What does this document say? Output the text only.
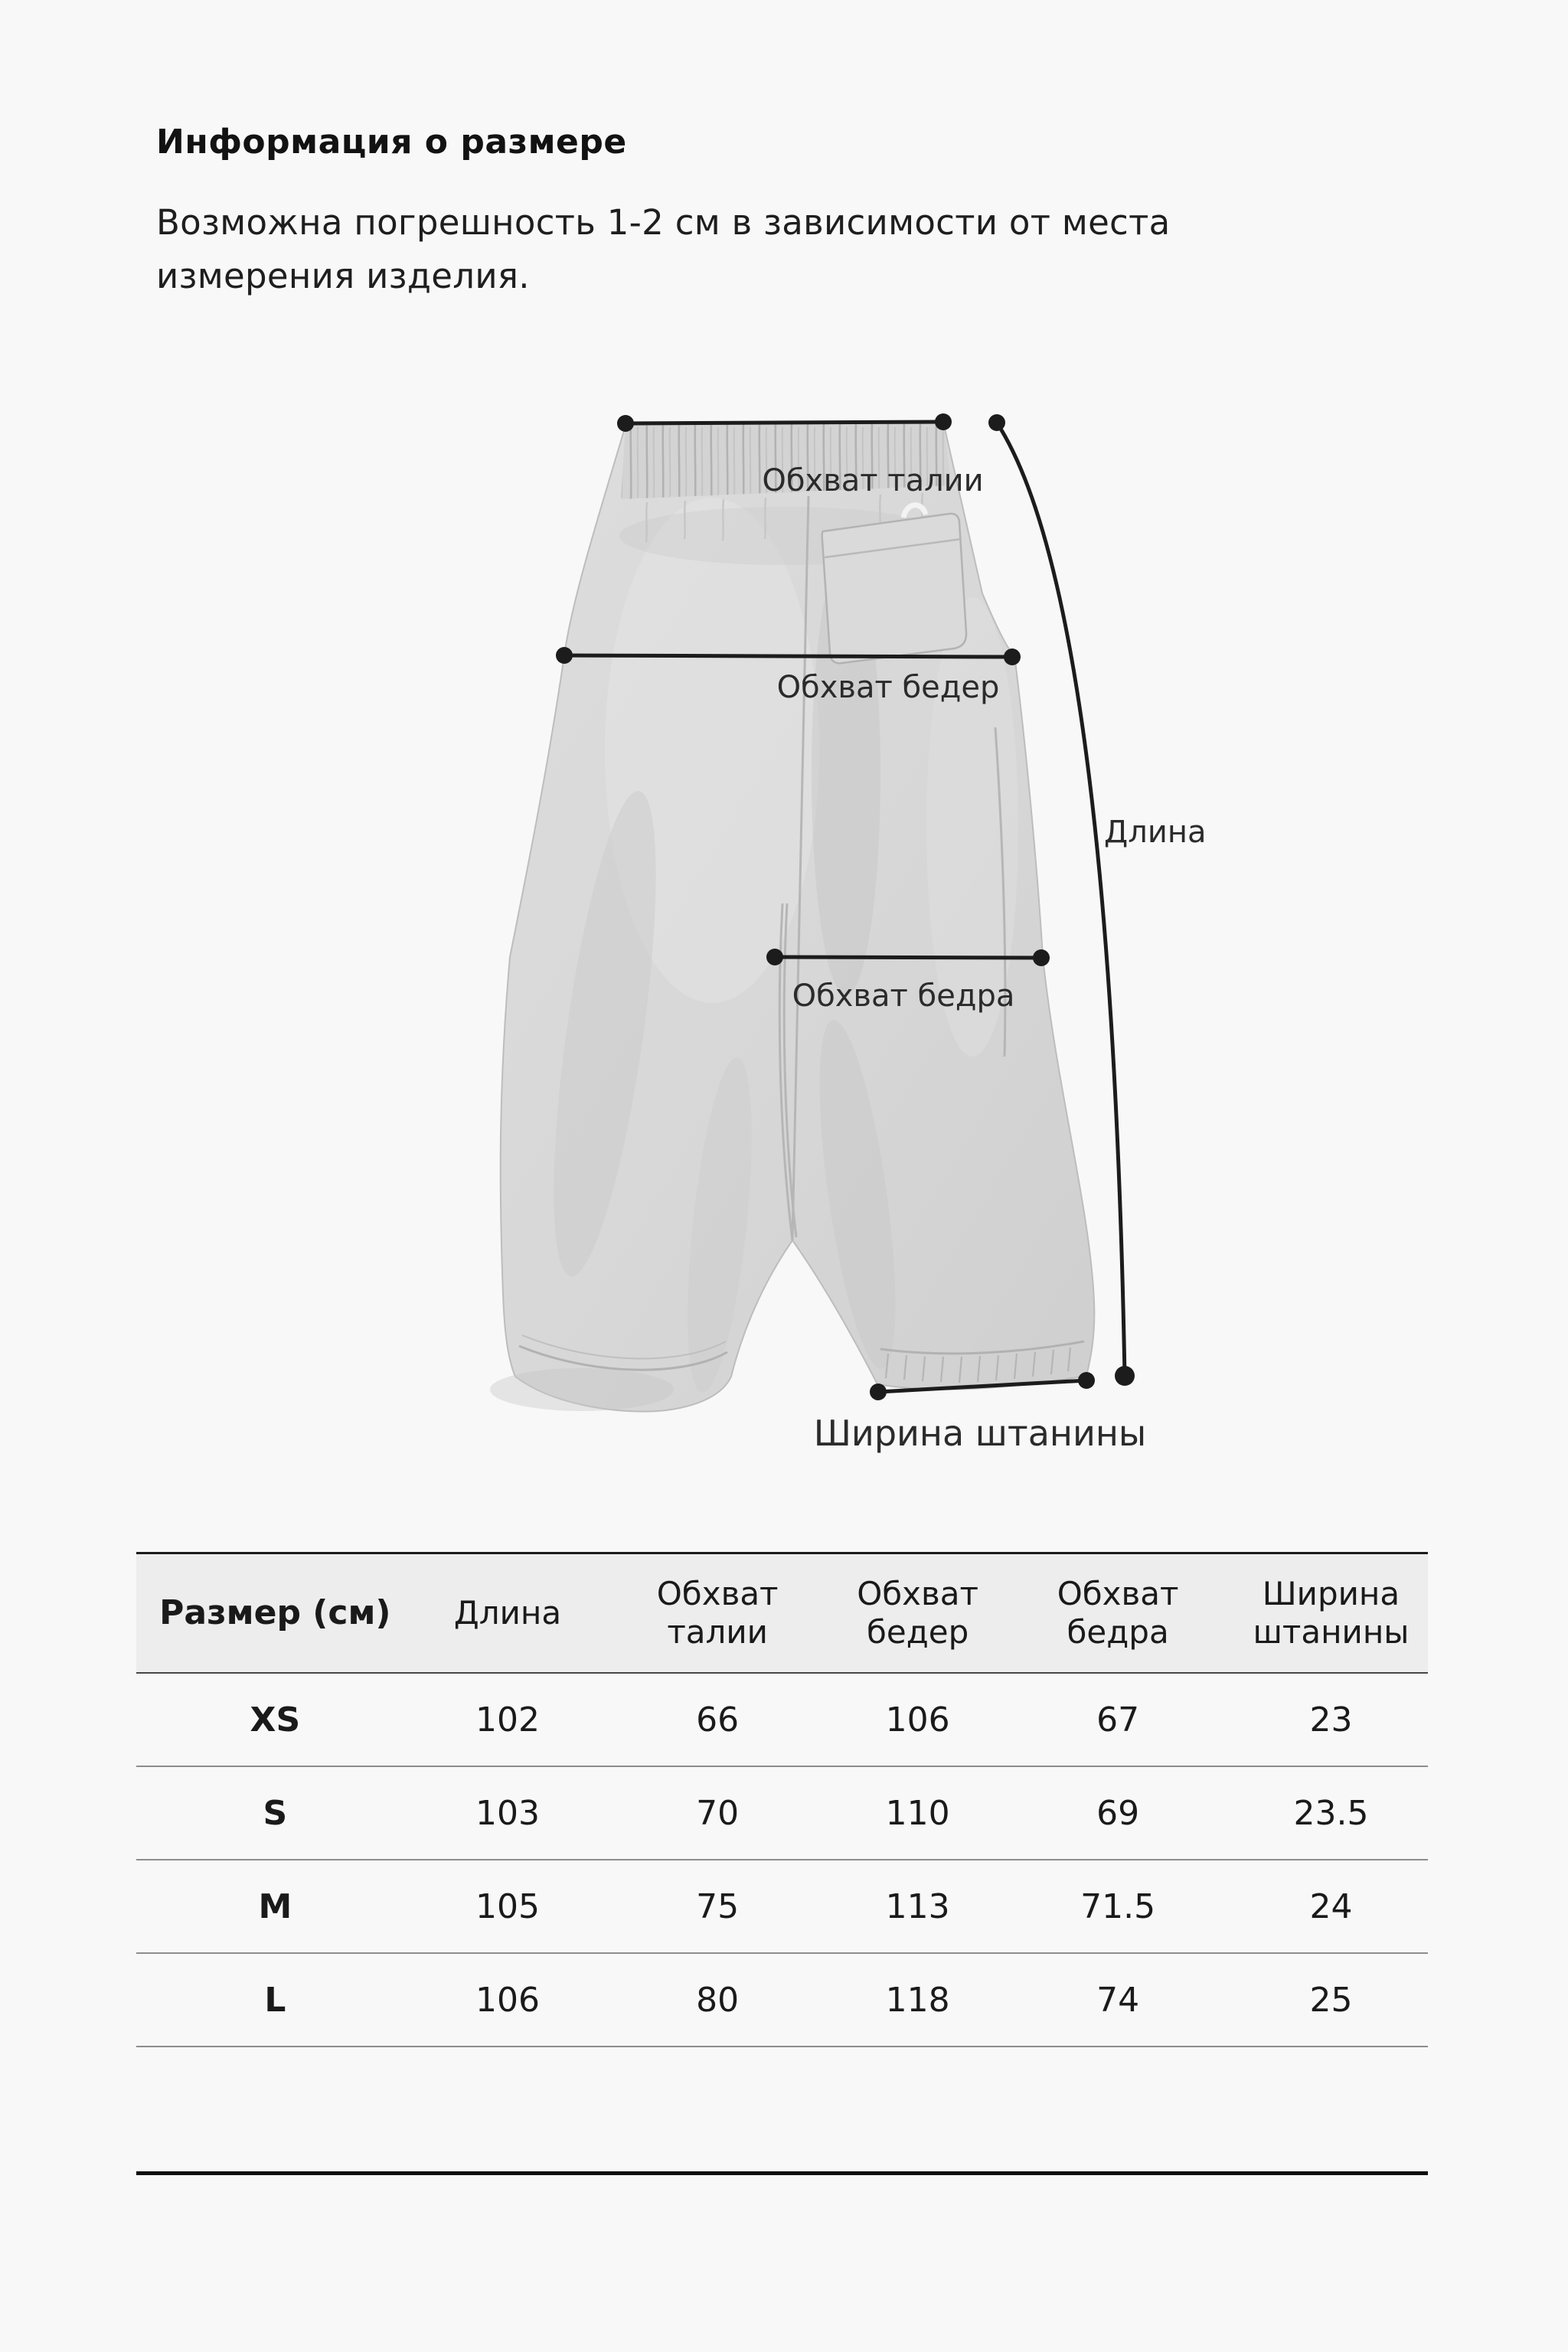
Информация о размере
Возможна погрешность 1-2 см в зависимости от места измерения изделия.
Обхват талии
Обхват бедер
Длина
Обхват бедра
Ширина штанины
Размер (см)	Длина	Обхват талии	Обхват бедер	Обхват бедра	Ширина штанины
XS	102	66	106	67	23
S	103	70	110	69	23.5
M	105	75	113	71.5	24
L	106	80	118	74	25
